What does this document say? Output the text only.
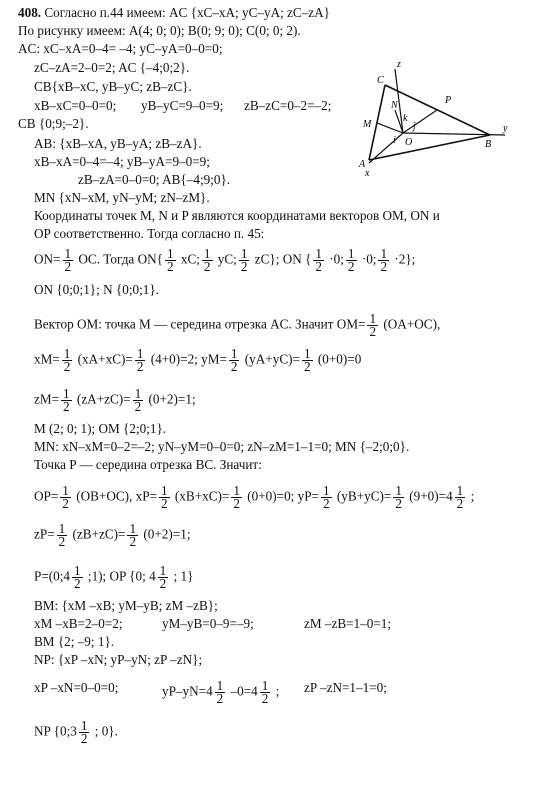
408. Согласно п.44 имеем: AC {xC–xA; yC–yA; zC–zA}
По рисунку имеем: A(4; 0; 0); B(0; 9; 0); C(0; 0; 2).
AC: xC–xA=0–4= –4; yC–yA=0–0=0;
zC–zA=2–0=2; AC {–4;0;2}.
CB{xB–xC, yB–yC; zB–zC}.
xB–xC=0–0=0; yB–yC=9–0=9; zB–zC=0–2=–2;
CB {0;9;–2}.
AB: {xB–xA, yB–yA; zB–zA}.
xB–xA=0–4=–4; yB–yA=9–0=9;
zB–zA=0–0=0; AB{–4;9;0}.
MN {xN–xM, yN–yM; zN–zM}.
Координаты точек M, N и P являются координатами векторов OM, ON и
OP соответственно. Тогда согласно п. 45:
$ON= \frac{1}{2}$ OC. Тогда $ON\{ \frac{1}{2}$ xC; $\frac{1}{2}$ yC; $\frac{1}{2} zC$}; ON { $\frac{1}{2} \cdot 0$; $\frac{1}{2} \cdot 0$; $\frac{1}{2} \cdot 2$};
ON {0;0;1}; N {0;0;1}.
Вектор OM: точка M — середина отрезка AC. Значит $OM= \frac{1}{2} (OA+OC)$,
$xM= \frac{1}{2} (xA+xC)= \frac{1}{2} (4+0)=2$; $yM= \frac{1}{2} (yA+yC)= \frac{1}{2} (0+0)=0$
$zM= \frac{1}{2} (zA+zC)= \frac{1}{2} (0+2)=1$;
M (2; 0; 1); OM {2;0;1}.
MN: xN–xM=0–2=–2; yN–yM=0–0=0; zN–zM=1–1=0; MN {–2;0;0}.
Точка P — середина отрезка BC. Значит:
$OP= \frac{1}{2} (OB+OC)$, $xP= \frac{1}{2} (xB+xC)= \frac{1}{2} (0+0)=0$; $yP= \frac{1}{2} (yB+yC)= \frac{1}{2} (9+0)=4 \frac{1}{2}$ ;
$zP= \frac{1}{2} (zB+zC)= \frac{1}{2} (0+2)=1$;
P=(0;4 $\frac{1}{2}$ ;1); OP {0; $4 \frac{1}{2}$ ; 1}
BM: {xM –xB; yM–yB; zM –zB};
xM –xB=2–0=2;	yM–yB=0–9=–9;	zM –zB=1–0=1;
BM {2; –9; 1}.
NP: {xP –xN; yP–yN; zP –zN};
xP –xN=0–0=0;	$yP-yN=4 \frac{1}{2} -0=4 \frac{1}{2}$ ; zP –zN=1–1=0;
NP {0;3 $\frac{1}{2}$ ; 0}.
C
N	P
M
O	B
A
x
y
z
i
j
k
